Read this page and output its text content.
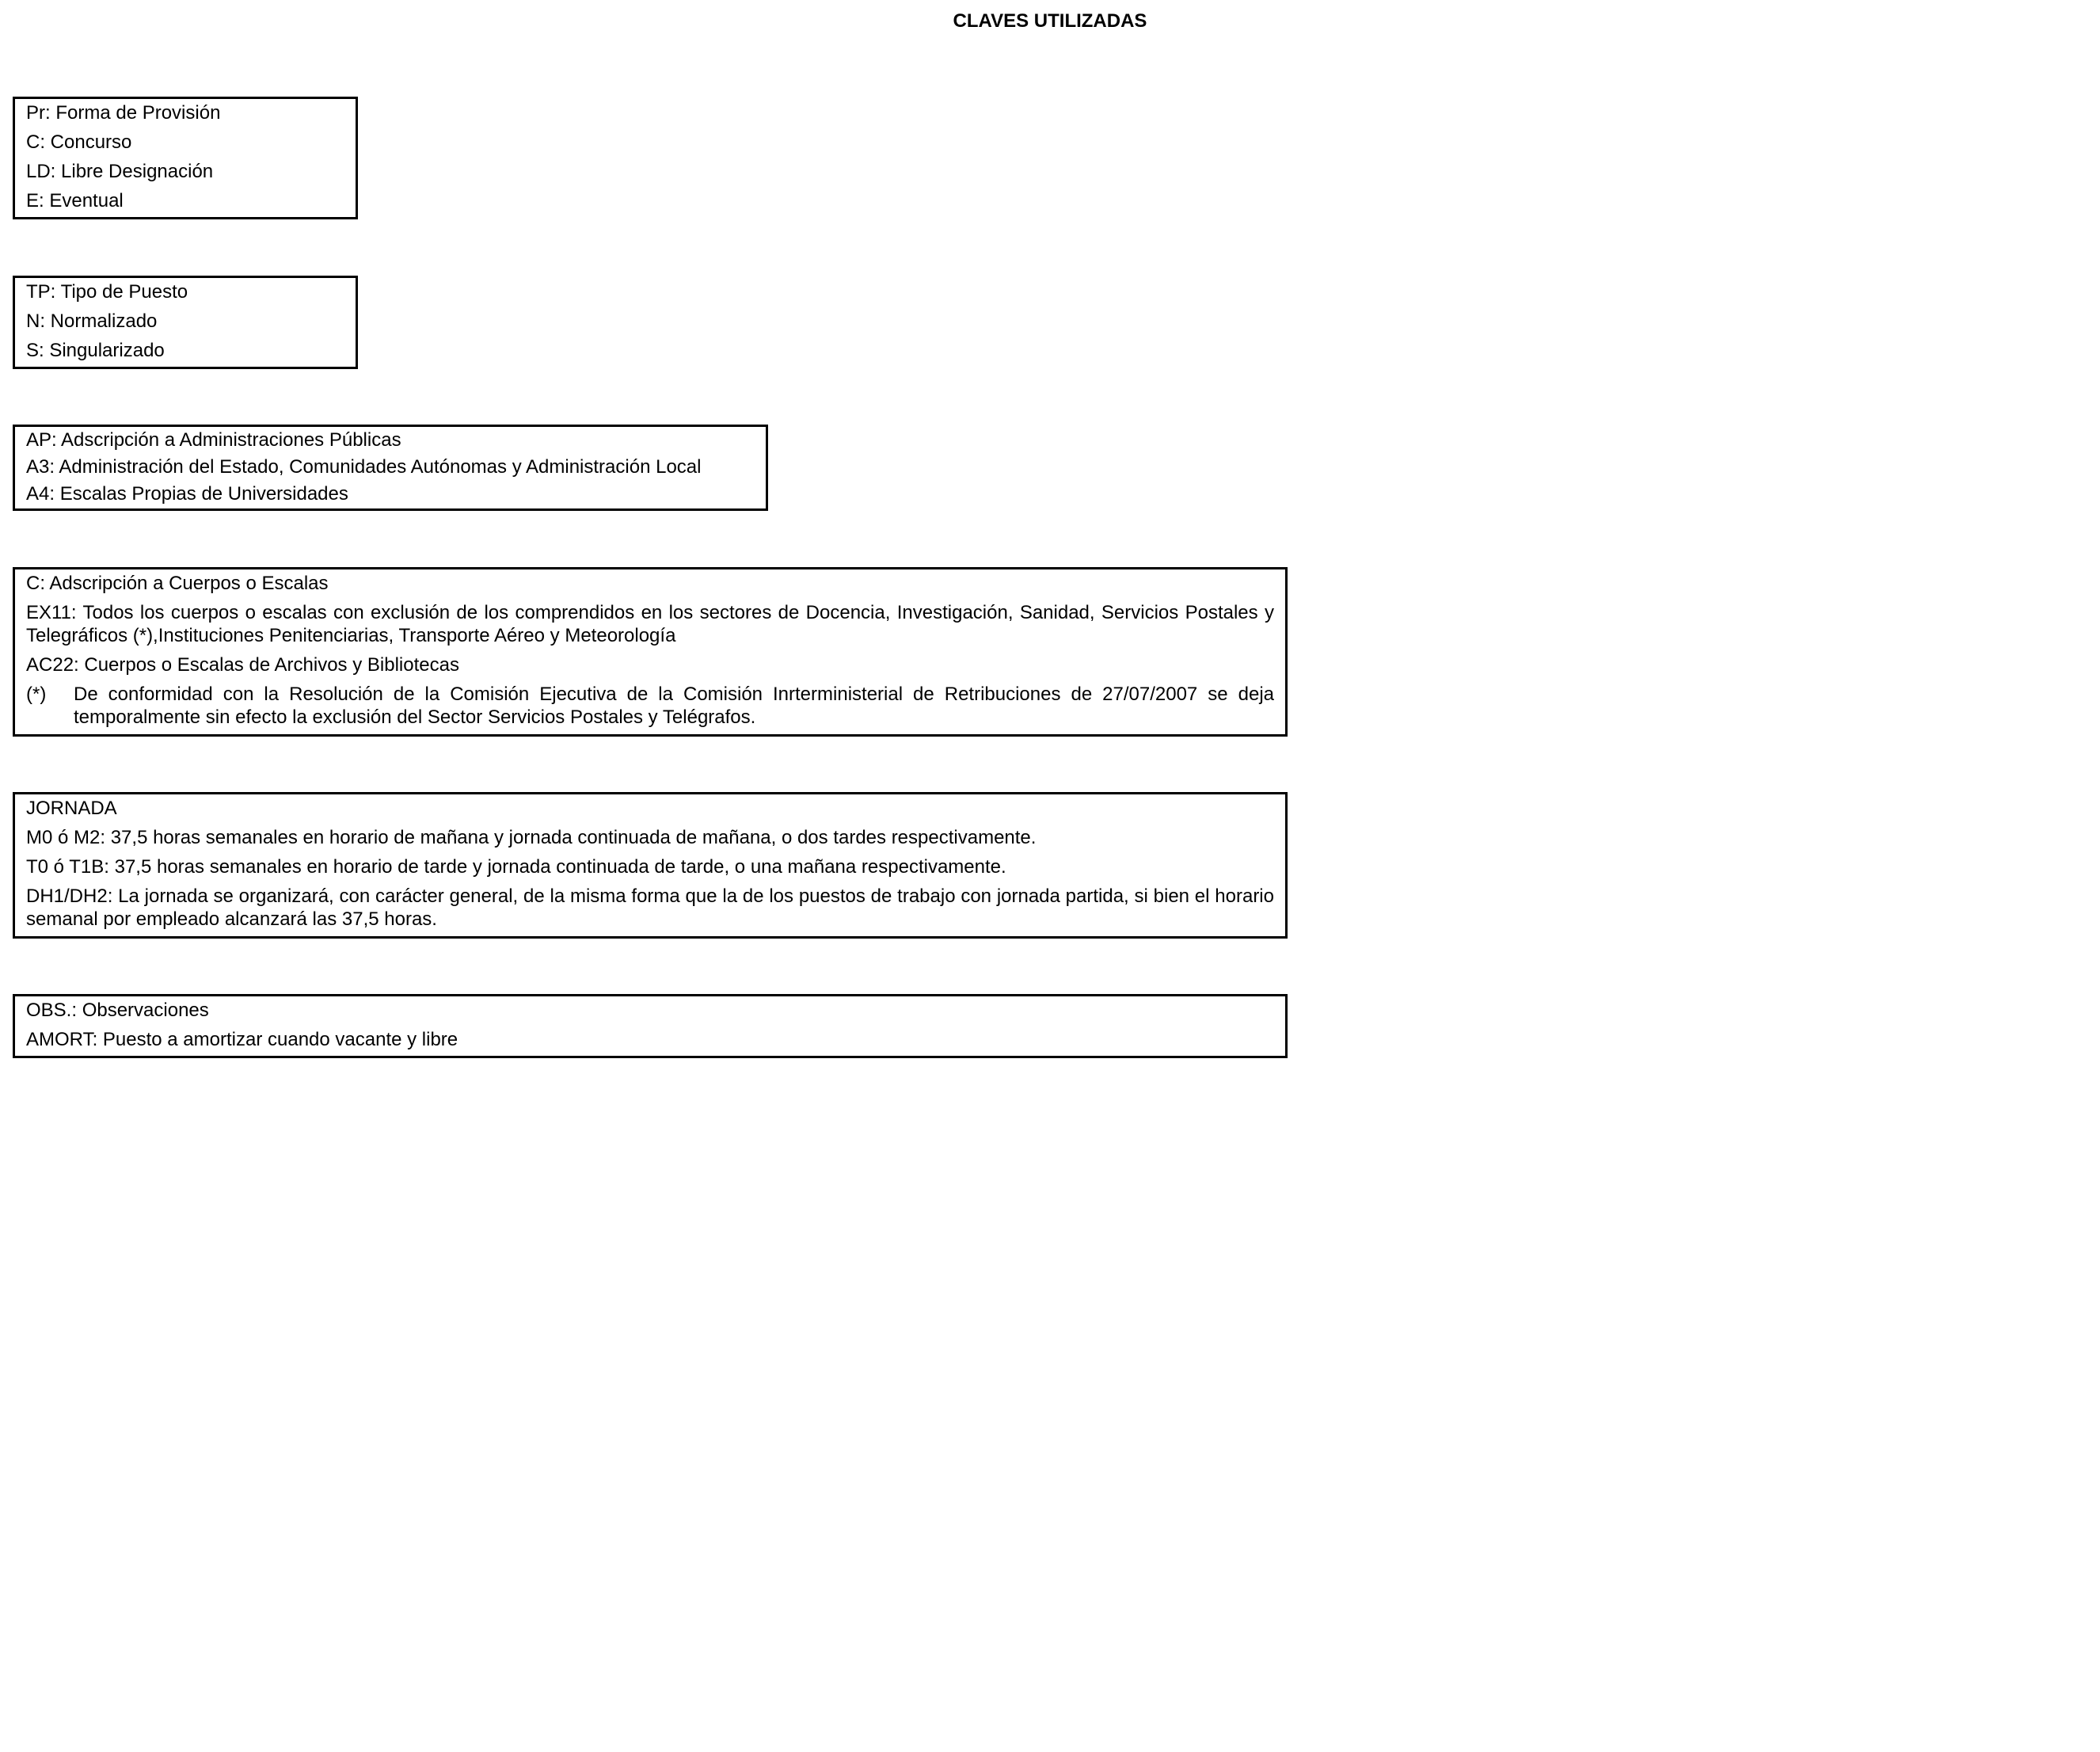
CLAVES UTILIZADAS
Pr: Forma de Provisión
C: Concurso
LD: Libre Designación
E: Eventual
TP: Tipo de Puesto
N: Normalizado
S: Singularizado
AP: Adscripción a Administraciones Públicas
A3: Administración del Estado, Comunidades Autónomas y Administración Local
A4: Escalas Propias de Universidades
C: Adscripción a Cuerpos o Escalas
EX11: Todos los cuerpos o escalas con exclusión de los comprendidos en los sectores de Docencia, Investigación, Sanidad, Servicios Postales y Telegráficos (*),Instituciones Penitenciarias, Transporte Aéreo y Meteorología
AC22: Cuerpos o Escalas de Archivos y Bibliotecas
(*)	De conformidad con la Resolución de la Comisión Ejecutiva de la Comisión Inrterministerial de Retribuciones de 27/07/2007 se deja temporalmente sin efecto la exclusión del Sector Servicios Postales y Telégrafos.
JORNADA
M0 ó M2: 37,5 horas semanales en horario de mañana y jornada continuada de mañana, o dos tardes respectivamente.
T0 ó T1B: 37,5 horas semanales en horario de tarde y jornada continuada de tarde, o una mañana respectivamente.
DH1/DH2: La jornada se organizará, con carácter general, de la misma forma que la de los puestos de trabajo con jornada partida, si bien el horario semanal por empleado alcanzará las 37,5 horas.
OBS.: Observaciones
AMORT: Puesto a amortizar cuando vacante y libre
